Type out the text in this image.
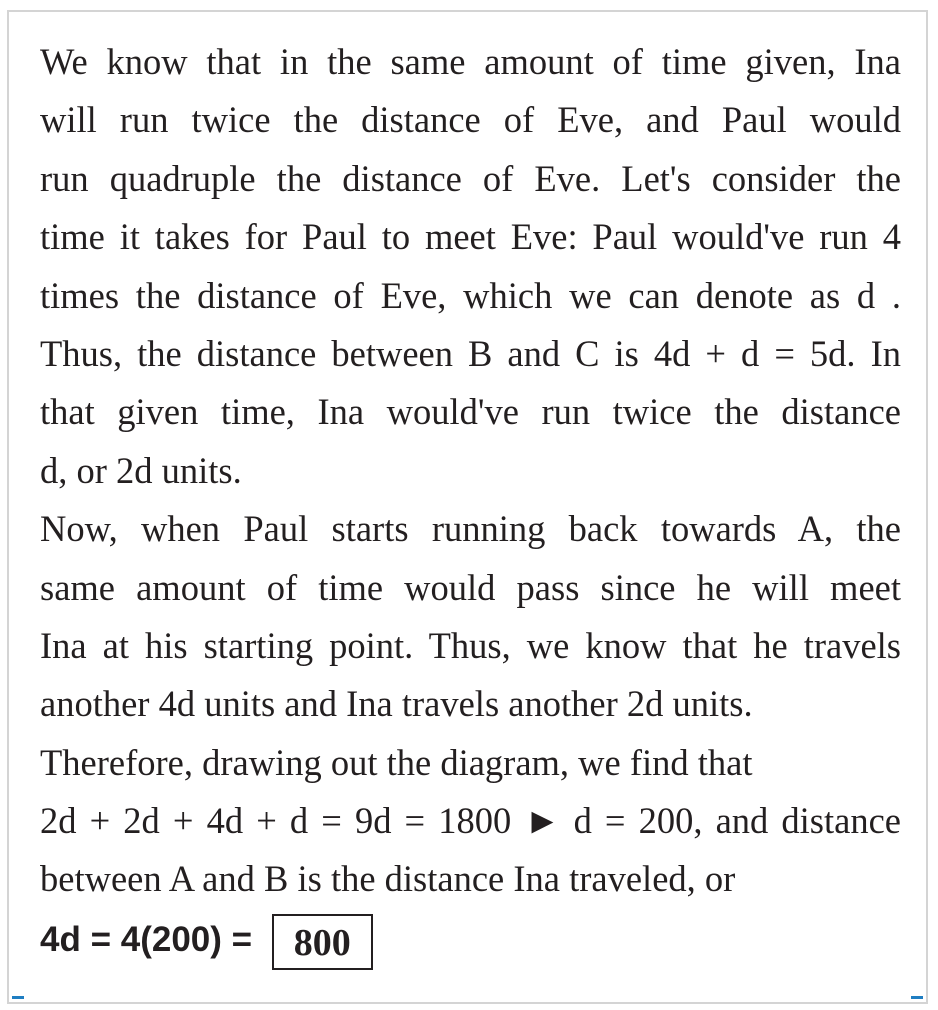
We know that in the same amount of time given, Ina
will run twice the distance of Eve, and Paul would
run quadruple the distance of Eve. Let's consider the
time it takes for Paul to meet Eve: Paul would've run 4
times the distance of Eve, which we can denote as d .
Thus, the distance between B and C is 4d + d = 5d. In
that given time, Ina would've run twice the distance
d, or 2d units.
Now, when Paul starts running back towards A, the
same amount of time would pass since he will meet
Ina at his starting point. Thus, we know that he travels
another 4d units and Ina travels another 2d units.
Therefore, drawing out the diagram, we find that
2d + 2d + 4d + d = 9d = 1800 ► d = 200, and distance
between A and B is the distance Ina traveled, or
4d = 4(200) = 800
